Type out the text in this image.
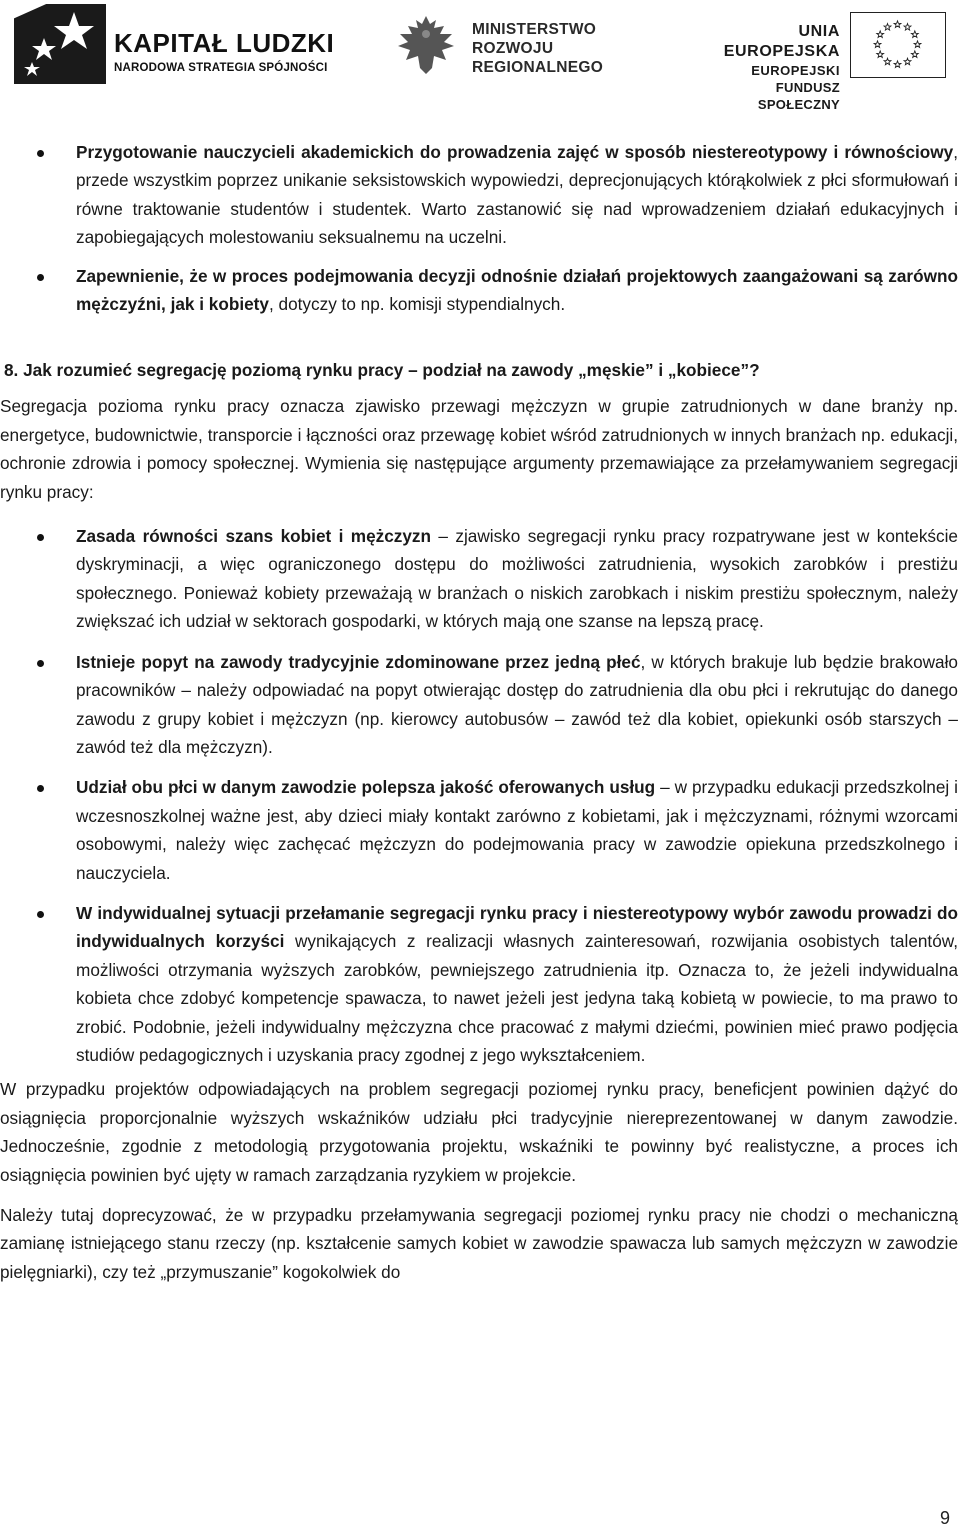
KAPITAŁ LUDZKI
NARODOWA STRATEGIA SPÓJNOŚCI
MINISTERSTWO
ROZWOJU
REGIONALNEGO
UNIA EUROPEJSKA
EUROPEJSKI
FUNDUSZ SPOŁECZNY
Przygotowanie nauczycieli akademickich do prowadzenia zajęć w sposób niestereotypowy i równościowy, przede wszystkim poprzez unikanie seksistowskich wypowiedzi, deprecjonujących którąkolwiek z płci sformułowań i równe traktowanie studentów i studentek. Warto zastanowić się nad wprowadzeniem działań edukacyjnych i zapobiegających molestowaniu seksualnemu na uczelni.
Zapewnienie, że w proces podejmowania decyzji odnośnie działań projektowych zaangażowani są zarówno mężczyźni, jak i kobiety, dotyczy to np. komisji stypendialnych.

8. Jak rozumieć segregację poziomą rynku pracy – podział na zawody „męskie” i „kobiece”?

Segregacja pozioma rynku pracy oznacza zjawisko przewagi mężczyzn w grupie zatrudnionych w dane branży np. energetyce, budownictwie, transporcie i łączności oraz przewagę kobiet wśród zatrudnionych w innych branżach np. edukacji, ochronie zdrowia i pomocy społecznej. Wymienia się następujące argumenty przemawiające za przełamywaniem segregacji rynku pracy:

Zasada równości szans kobiet i mężczyzn – zjawisko segregacji rynku pracy rozpatrywane jest w kontekście dyskryminacji, a więc ograniczonego dostępu do możliwości zatrudnienia, wysokich zarobków i prestiżu społecznego. Ponieważ kobiety przeważają w branżach o niskich zarobkach i niskim prestiżu społecznym, należy zwiększać ich udział w sektorach gospodarki, w których mają one szanse na lepszą pracę.
Istnieje popyt na zawody tradycyjnie zdominowane przez jedną płeć, w których brakuje lub będzie brakowało pracowników – należy odpowiadać na popyt otwierając dostęp do zatrudnienia dla obu płci i rekrutując do danego zawodu z grupy kobiet i mężczyzn (np. kierowcy autobusów – zawód też dla kobiet, opiekunki osób starszych – zawód też dla mężczyzn).
Udział obu płci w danym zawodzie polepsza jakość oferowanych usług – w przypadku edukacji przedszkolnej i wczesnoszkolnej ważne jest, aby dzieci miały kontakt zarówno z kobietami, jak i mężczyznami, różnymi wzorcami osobowymi, należy więc zachęcać mężczyzn do podejmowania pracy w zawodzie opiekuna przedszkolnego i nauczyciela.
W indywidualnej sytuacji przełamanie segregacji rynku pracy i niestereotypowy wybór zawodu prowadzi do indywidualnych korzyści wynikających z realizacji własnych zainteresowań, rozwijania osobistych talentów, możliwości otrzymania wyższych zarobków, pewniejszego zatrudnienia itp. Oznacza to, że jeżeli indywidualna kobieta chce zdobyć kompetencje spawacza, to nawet jeżeli jest jedyna taką kobietą w powiecie, to ma prawo to zrobić. Podobnie, jeżeli indywidualny mężczyzna chce pracować z małymi dziećmi, powinien mieć prawo podjęcia studiów pedagogicznych i uzyskania pracy zgodnej z jego wykształceniem.

W przypadku projektów odpowiadających na problem segregacji poziomej rynku pracy, beneficjent powinien dążyć do osiągnięcia proporcjonalnie wyższych wskaźników udziału płci tradycyjnie niereprezentowanej w danym zawodzie. Jednocześnie, zgodnie z metodologią przygotowania projektu, wskaźniki te powinny być realistyczne, a proces ich osiągnięcia powinien być ujęty w ramach zarządzania ryzykiem w projekcie.

Należy tutaj doprecyzować, że w przypadku przełamywania segregacji poziomej rynku pracy nie chodzi o mechaniczną zamianę istniejącego stanu rzeczy (np. kształcenie samych kobiet w zawodzie spawacza lub samych mężczyzn w zawodzie pielęgniarki), czy też „przymuszanie” kogokolwiek do

9
